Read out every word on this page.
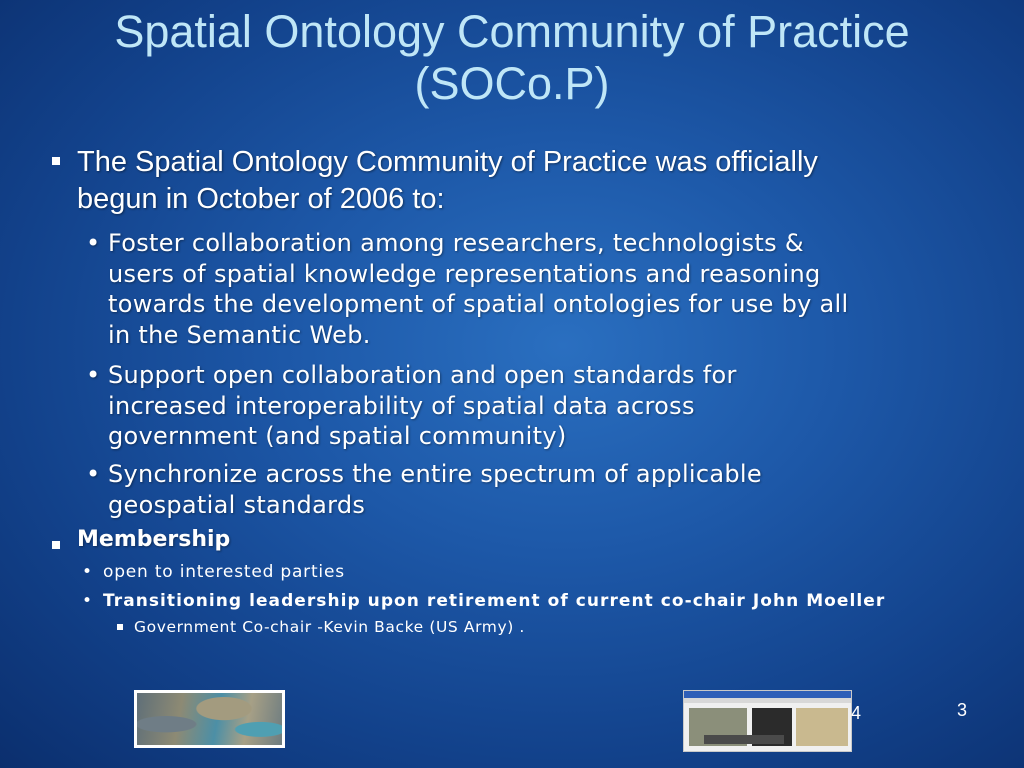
Spatial Ontology Community of Practice
(SOCo.P)
The Spatial Ontology Community of Practice was officially
begun in October of 2006 to:
• Foster collaboration among researchers, technologists &
users of spatial knowledge representations and reasoning
towards the development of spatial ontologies for use by all
in the Semantic Web.
• Support open collaboration and open standards for
increased interoperability of spatial data across
government (and spatial community)
• Synchronize across the entire spectrum of applicable
geospatial standards
Membership
• open to interested parties
• Transitioning leadership upon retirement of current co-chair John Moeller
Government Co-chair -Kevin Backe (US Army) .
4	3
